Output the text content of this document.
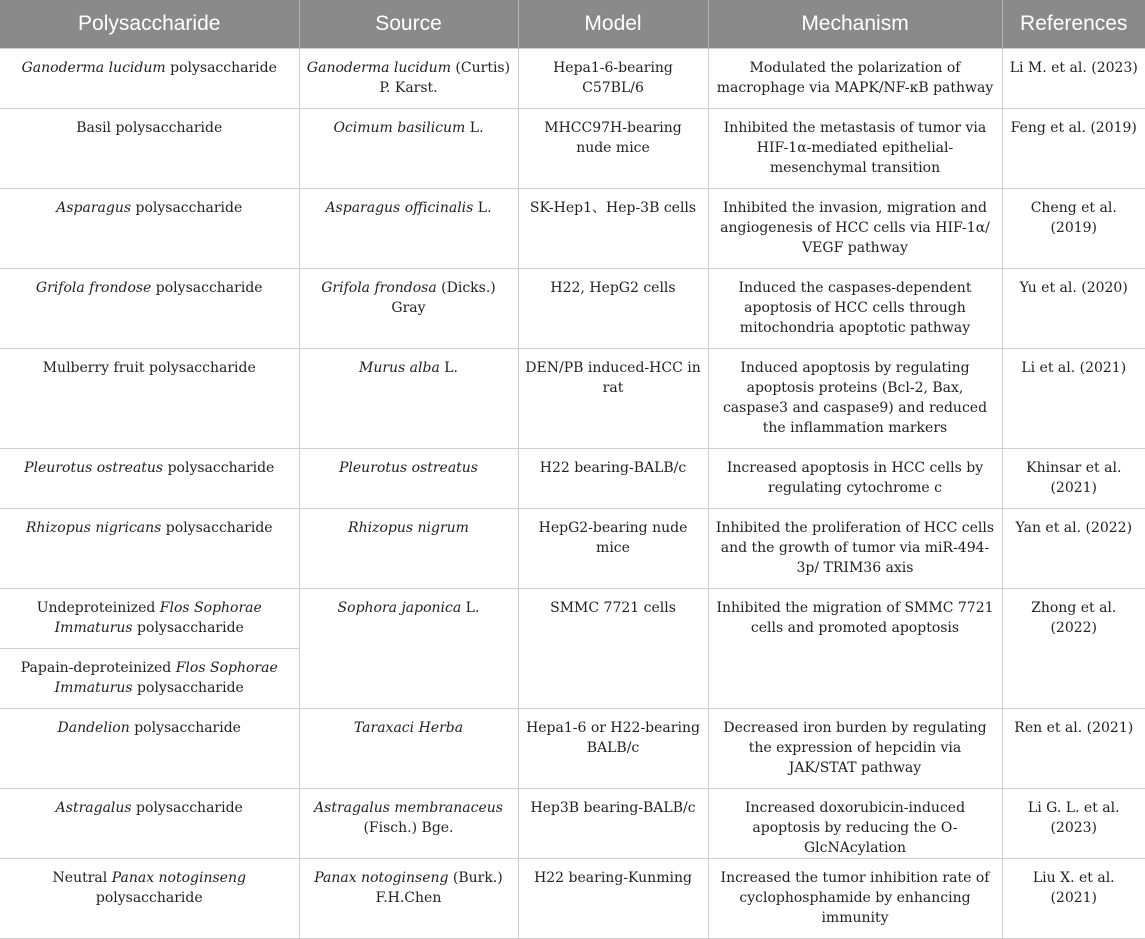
Polysaccharide	Source	Model	Mechanism	References
Ganoderma lucidum polysaccharide	Ganoderma lucidum (Curtis) P. Karst.	Hepa1-6-bearing C57BL/6	Modulated the polarization of macrophage via MAPK/NF-κB pathway	Li M. et al. (2023)
Basil polysaccharide	Ocimum basilicum L.	MHCC97H-bearing nude mice	Inhibited the metastasis of tumor via HIF-1α-mediated epithelial-mesenchymal transition	Feng et al. (2019)
Asparagus polysaccharide	Asparagus officinalis L.	SK-Hep1、Hep-3B cells	Inhibited the invasion, migration and angiogenesis of HCC cells via HIF-1α/ VEGF pathway	Cheng et al. (2019)
Grifola frondose polysaccharide	Grifola frondosa (Dicks.) Gray	H22, HepG2 cells	Induced the caspases-dependent apoptosis of HCC cells through mitochondria apoptotic pathway	Yu et al. (2020)
Mulberry fruit polysaccharide	Murus alba L.	DEN/PB induced-HCC in rat	Induced apoptosis by regulating apoptosis proteins (Bcl-2, Bax, caspase3 and caspase9) and reduced the inflammation markers	Li et al. (2021)
Pleurotus ostreatus polysaccharide	Pleurotus ostreatus	H22 bearing-BALB/c	Increased apoptosis in HCC cells by regulating cytochrome c	Khinsar et al. (2021)
Rhizopus nigricans polysaccharide	Rhizopus nigrum	HepG2-bearing nude mice	Inhibited the proliferation of HCC cells and the growth of tumor via miR-494-3p/ TRIM36 axis	Yan et al. (2022)
Undeproteinized Flos Sophorae Immaturus polysaccharide	Sophora japonica L.	SMMC 7721 cells	Inhibited the migration of SMMC 7721 cells and promoted apoptosis	Zhong et al. (2022)
Papain-deproteinized Flos Sophorae Immaturus polysaccharide				
Dandelion polysaccharide	Taraxaci Herba	Hepa1-6 or H22-bearing BALB/c	Decreased iron burden by regulating the expression of hepcidin via JAK/STAT pathway	Ren et al. (2021)
Astragalus polysaccharide	Astragalus membranaceus (Fisch.) Bge.	Hep3B bearing-BALB/c	Increased doxorubicin-induced apoptosis by reducing the O-GlcNAcylation	Li G. L. et al. (2023)
Neutral Panax notoginseng polysaccharide	Panax notoginseng (Burk.) F.H.Chen	H22 bearing-Kunming	Increased the tumor inhibition rate of cyclophosphamide by enhancing immunity	Liu X. et al. (2021)
